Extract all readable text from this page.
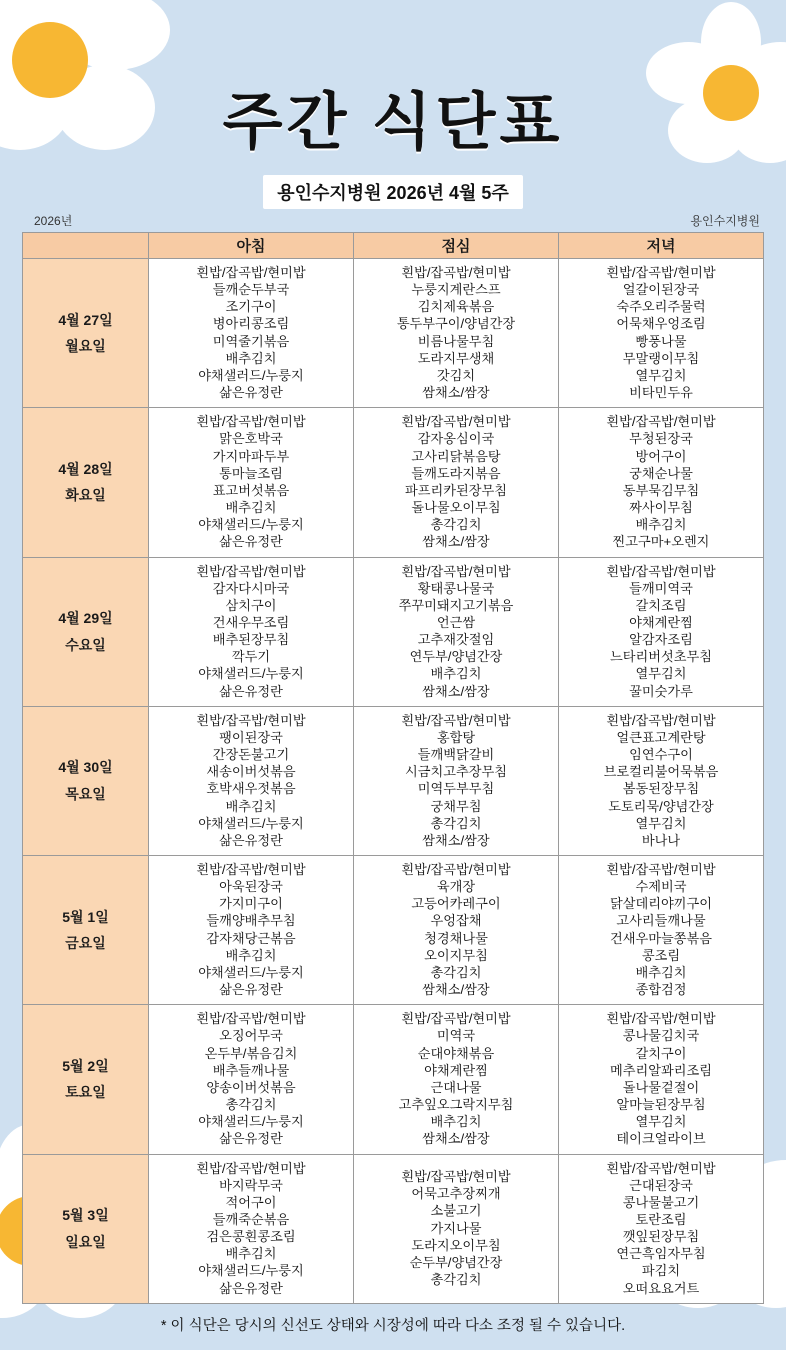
주간 식단표
용인수지병원 2026년 4월 5주
2026년	용인수지병원
	아침	점심	저녁

4월 27일
월요일
	흰밥/잡곡밥/현미밥
들깨순두부국
조기구이
병아리콩조림
미역줄기볶음
배추김치
야채샐러드/누룽지
삶은유정란	흰밥/잡곡밥/현미밥
누룽지계란스프
김치제육볶음
통두부구이/양념간장
비름나물무침
도라지무생채
갓김치
쌈채소/쌈장	흰밥/잡곡밥/현미밥
얼갈이된장국
숙주오리주물럭
어묵채우엉조림
빵풍나물
무말랭이무침
열무김치
비타민두유

4월 28일
화요일
	흰밥/잡곡밥/현미밥
맑은호박국
가지마파두부
통마늘조림
표고버섯볶음
배추김치
야채샐러드/누룽지
삶은유정란	흰밥/잡곡밥/현미밥
감자옹심이국
고사리닭볶음탕
들깨도라지볶음
파프리카된장무침
돌나물오이무침
총각김치
쌈채소/쌈장	흰밥/잡곡밥/현미밥
무청된장국
방어구이
궁채순나물
동부묵김무침
짜사이무침
배추김치
찐고구마+오렌지

4월 29일
수요일
	흰밥/잡곡밥/현미밥
감자다시마국
삼치구이
건새우무조림
배추된장무침
깍두기
야채샐러드/누룽지
삶은유정란	흰밥/잡곡밥/현미밥
황태콩나물국
쭈꾸미돼지고기볶음
언근쌈
고추재갓절임
연두부/양념간장
배추김치
쌈채소/쌈장	흰밥/잡곡밥/현미밥
들깨미역국
갈치조림
야채계란찜
알감자조림
느타리버섯초무침
열무김치
꿀미숫가루

4월 30일
목요일
	흰밥/잡곡밥/현미밥
팽이된장국
간장돈불고기
새송이버섯볶음
호박새우젓볶음
배추김치
야채샐러드/누룽지
삶은유정란	흰밥/잡곡밥/현미밥
홍합탕
들깨백닭갈비
시금치고추장무침
미역두부무침
궁채무침
총각김치
쌈채소/쌈장	흰밥/잡곡밥/현미밥
얼큰표고계란탕
임연수구이
브로컬리불어묵볶음
봄동된장무침
도토리묵/양념간장
열무김치
바나나

5월 1일
금요일
	흰밥/잡곡밥/현미밥
아욱된장국
가지미구이
들깨양배추무침
감자채당근볶음
배추김치
야채샐러드/누룽지
삶은유정란	흰밥/잡곡밥/현미밥
육개장
고등어카레구이
우엉잡채
청경채나물
오이지무침
총각김치
쌈채소/쌈장	흰밥/잡곡밥/현미밥
수제비국
닭살데리야끼구이
고사리들깨나물
건새우마늘쫑볶음
콩조림
배추김치
종합검정

5월 2일
토요일
	흰밥/잡곡밥/현미밥
오징어무국
온두부/볶음김치
배추들깨나물
양송이버섯볶음
총각김치
야채샐러드/누룽지
삶은유정란	흰밥/잡곡밥/현미밥
미역국
순대야채볶음
야채계란찜
근대나물
고추잎오그락지무침
배추김치
쌈채소/쌈장	흰밥/잡곡밥/현미밥
콩나물김치국
갈치구이
메추리알꽈리조림
돌나물겉절이
알마늘된장무침
열무김치
테이크얼라이브

5월 3일
일요일
	흰밥/잡곡밥/현미밥
바지락무국
적어구이
들깨죽순볶음
검은콩흰콩조림
배추김치
야채샐러드/누룽지
삶은유정란	흰밥/잡곡밥/현미밥
어묵고추장찌개
소불고기
가지나물
도라지오이무침
순두부/양념간장
총각김치	흰밥/잡곡밥/현미밥
근대된장국
콩나물불고기
토란조림
깻잎된장무침
연근흑임자무침
파김치
오떠요요거트
* 이 식단은 당시의 신선도 상태와 시장성에 따라 다소 조정 될 수 있습니다.
